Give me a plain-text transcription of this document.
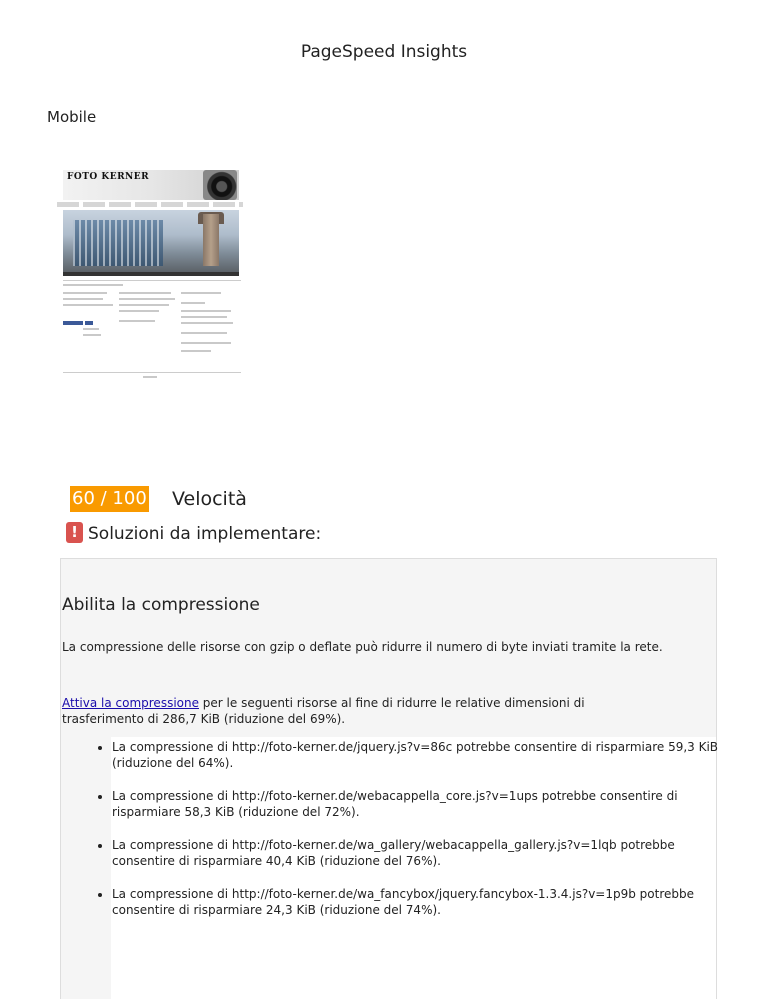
PageSpeed Insights
Mobile
FOTO KERNER
60 / 100 Velocità
! Soluzioni da implementare:
Abilita la compressione
La compressione delle risorse con gzip o deflate può ridurre il numero di byte inviati tramite la rete.
Attiva la compressione per le seguenti risorse al fine di ridurre le relative dimensioni di trasferimento di 286,7 KiB (riduzione del 69%).
• La compressione di http://foto-kerner.de/jquery.js?v=86c potrebbe consentire di risparmiare 59,3 KiB (riduzione del 64%).
• La compressione di http://foto-kerner.de/webacappella_core.js?v=1ups potrebbe consentire di risparmiare 58,3 KiB (riduzione del 72%).
• La compressione di http://foto-kerner.de/wa_gallery/webacappella_gallery.js?v=1lqb potrebbe consentire di risparmiare 40,4 KiB (riduzione del 76%).
• La compressione di http://foto-kerner.de/wa_fancybox/jquery.fancybox-1.3.4.js?v=1p9b potrebbe consentire di risparmiare 24,3 KiB (riduzione del 74%).
